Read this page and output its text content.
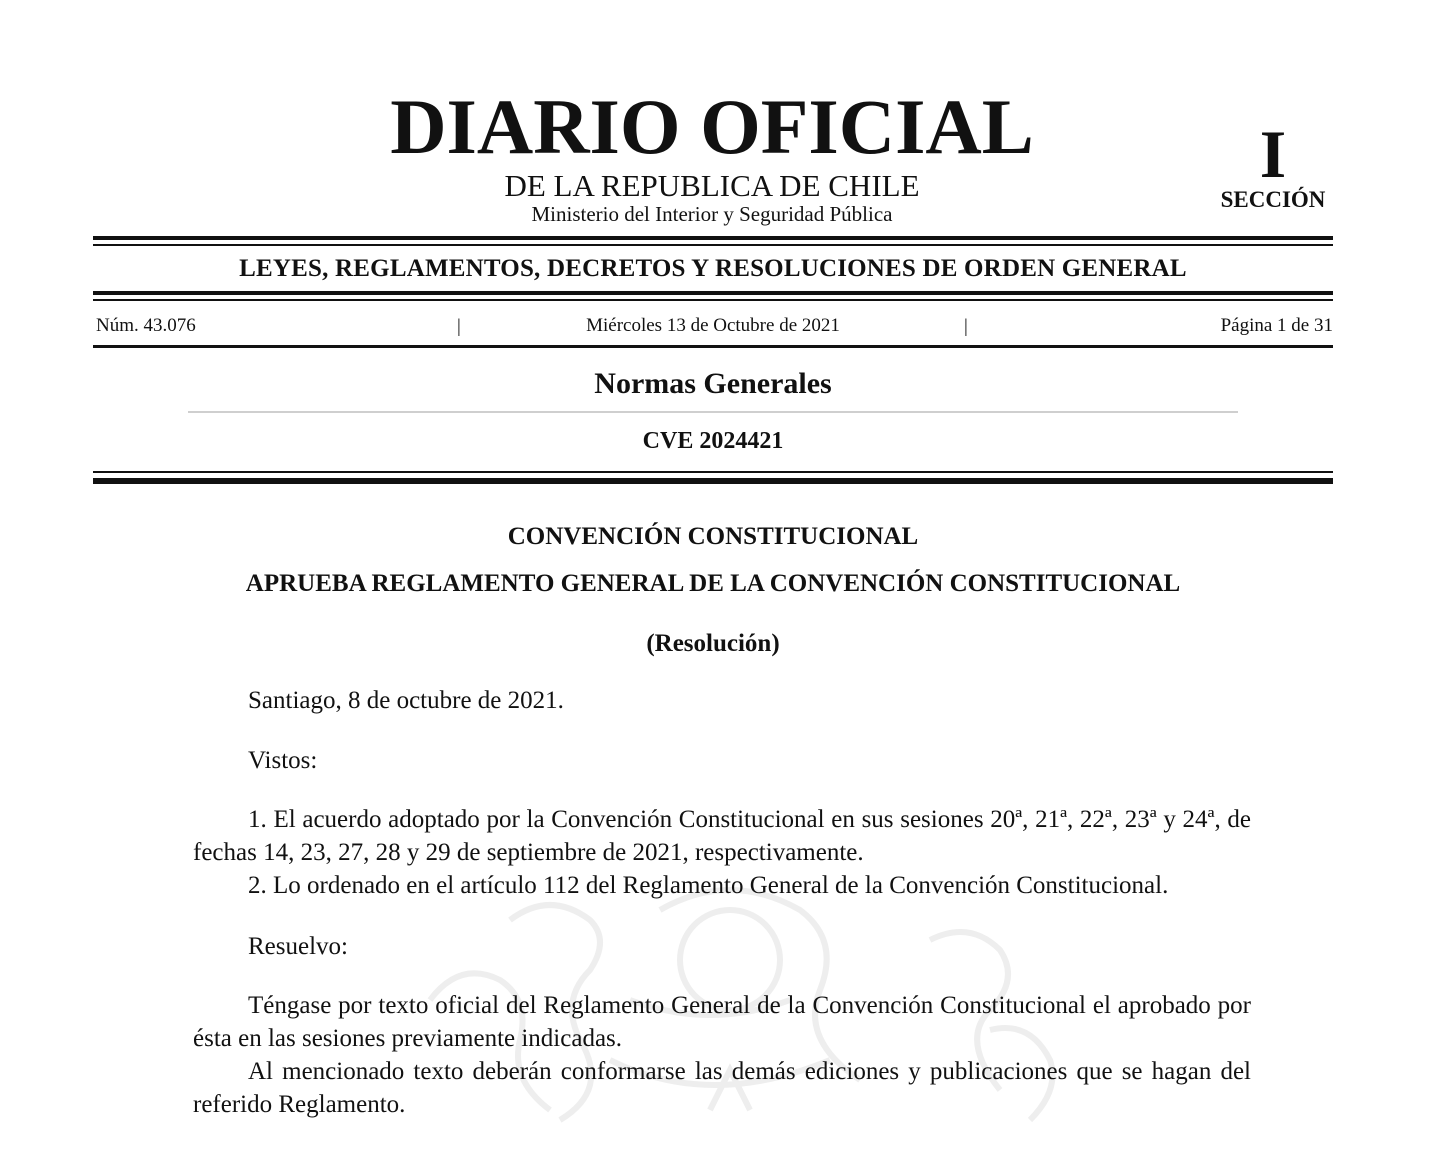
DIARIO OFICIAL
DE LA REPUBLICA DE CHILE
Ministerio del Interior y Seguridad Pública
I
SECCIÓN
LEYES, REGLAMENTOS, DECRETOS Y RESOLUCIONES DE ORDEN GENERAL
Núm. 43.076	|	Miércoles 13 de Octubre de 2021	|	Página 1 de 31
Normas Generales
CVE 2024421
CONVENCIÓN CONSTITUCIONAL
APRUEBA REGLAMENTO GENERAL DE LA CONVENCIÓN CONSTITUCIONAL
(Resolución)
Santiago, 8 de octubre de 2021.
Vistos:
1. El acuerdo adoptado por la Convención Constitucional en sus sesiones 20ª, 21ª, 22ª, 23ª y 24ª, de fechas 14, 23, 27, 28 y 29 de septiembre de 2021, respectivamente.
2. Lo ordenado en el artículo 112 del Reglamento General de la Convención Constitucional.
Resuelvo:
Téngase por texto oficial del Reglamento General de la Convención Constitucional el aprobado por ésta en las sesiones previamente indicadas.
Al mencionado texto deberán conformarse las demás ediciones y publicaciones que se hagan del referido Reglamento.
